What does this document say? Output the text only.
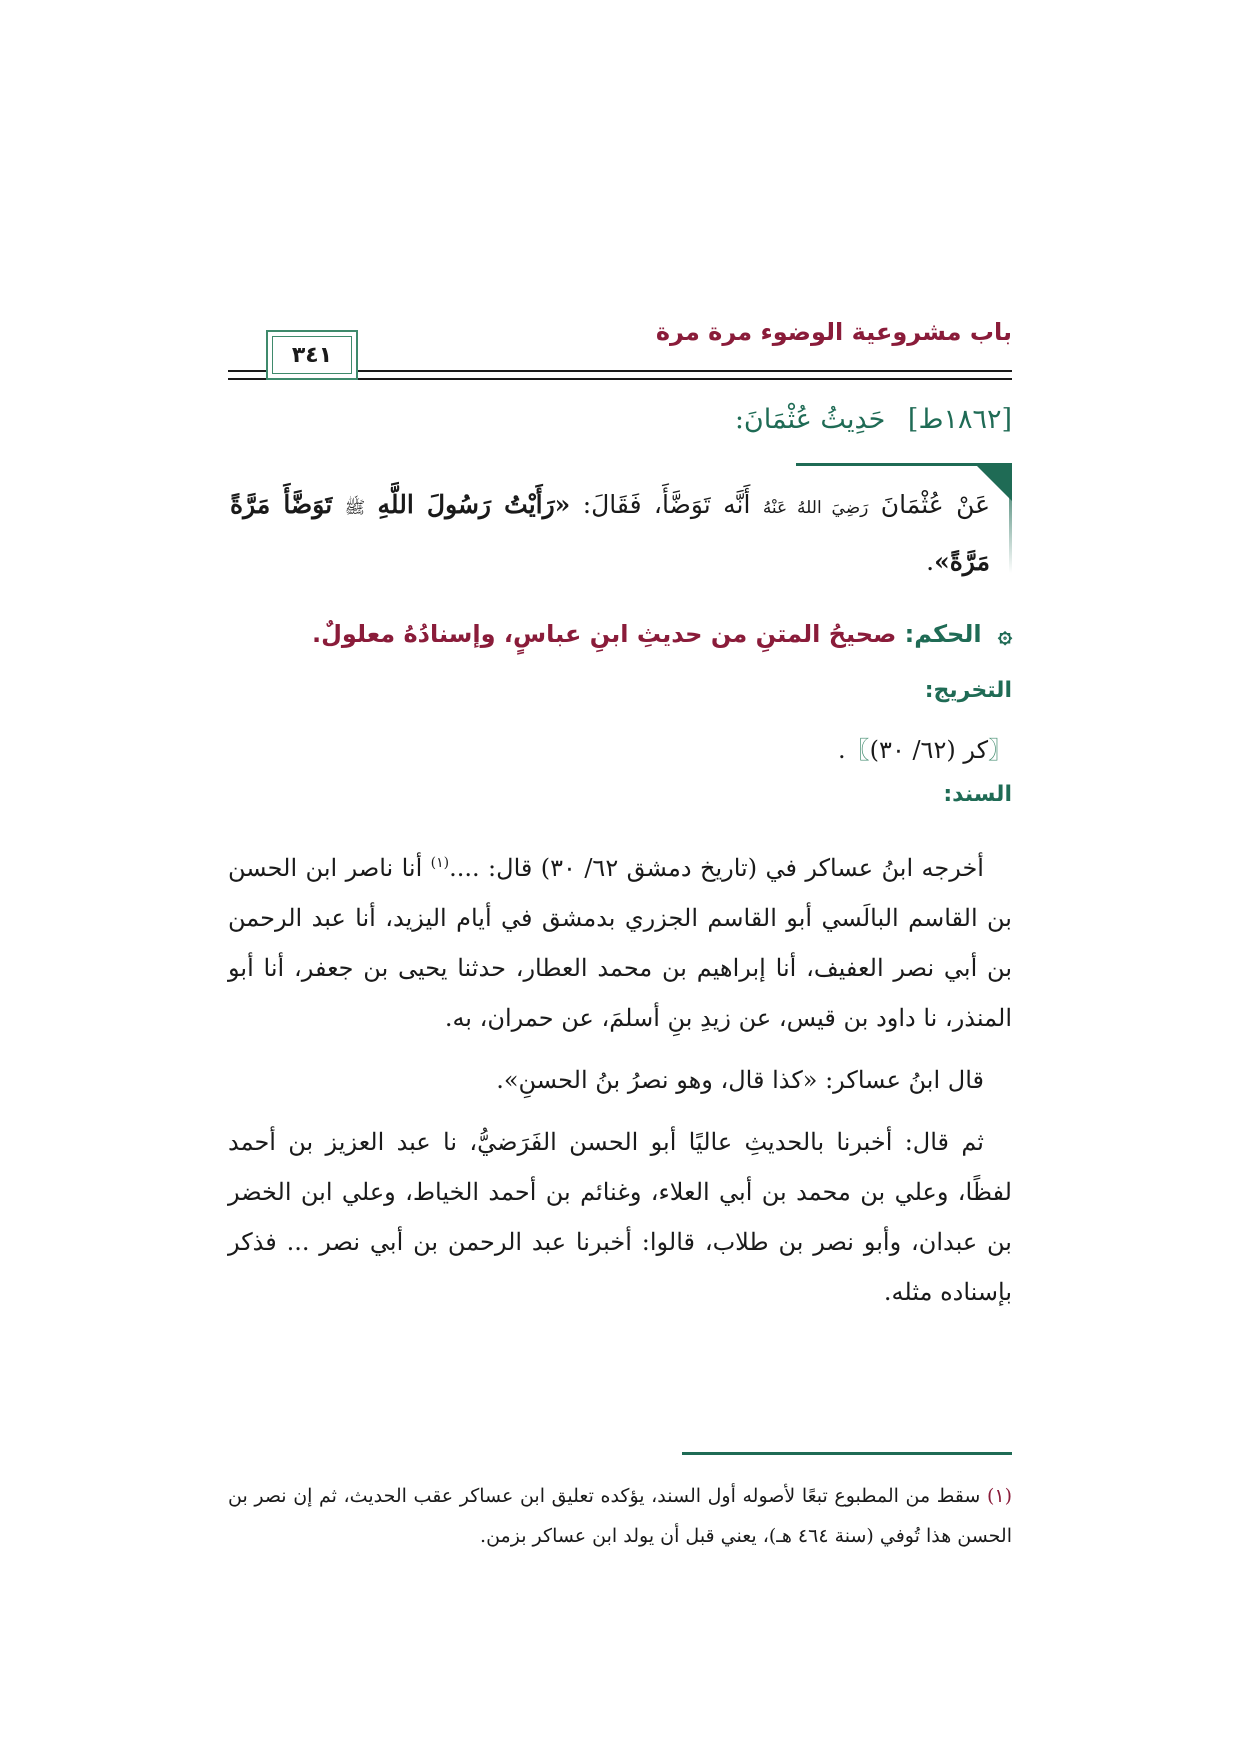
باب مشروعية الوضوء مرة مرة
٣٤١
[١٨٦٢ط] حَدِيثُ عُثْمَانَ:
عَنْ عُثْمَانَ رَضِيَ اللهُ عَنْهُ أَنَّه تَوَضَّأَ، فَقَالَ: «رَأَيْتُ رَسُولَ اللَّهِ ﷺ تَوَضَّأَ مَرَّةً مَرَّةً».
۞ الحكم: صحيحُ المتنِ من حديثِ ابنِ عباسٍ، وإسنادُهُ معلولٌ.
التخريج:
〖كر (٦٢/ ٣٠)〗.
السند:

أخرجه ابنُ عساكر في (تاريخ دمشق ٦٢/ ٣٠) قال: ....$^{(١)}$ أنا ناصر ابن الحسن بن القاسم البالَسي أبو القاسم الجزري بدمشق في أيام اليزيد، أنا عبد الرحمن بن أبي نصر العفيف، أنا إبراهيم بن محمد العطار، حدثنا يحيى بن جعفر، أنا أبو المنذر، نا داود بن قيس، عن زيدِ بنِ أسلمَ، عن حمران، به.

قال ابنُ عساكر: «كذا قال، وهو نصرُ بنُ الحسنِ».

ثم قال: أخبرنا بالحديثِ عاليًا أبو الحسن الفَرَضيُّ، نا عبد العزيز بن أحمد لفظًا، وعلي بن محمد بن أبي العلاء، وغنائم بن أحمد الخياط، وعلي ابن الخضر بن عبدان، وأبو نصر بن طلاب، قالوا: أخبرنا عبد الرحمن بن أبي نصر ... فذكر بإسناده مثله.

(١) سقط من المطبوع تبعًا لأصوله أول السند، يؤكده تعليق ابن عساكر عقب الحديث، ثم إن نصر بن الحسن هذا تُوفي (سنة ٤٦٤ هـ)، يعني قبل أن يولد ابن عساكر بزمن.
